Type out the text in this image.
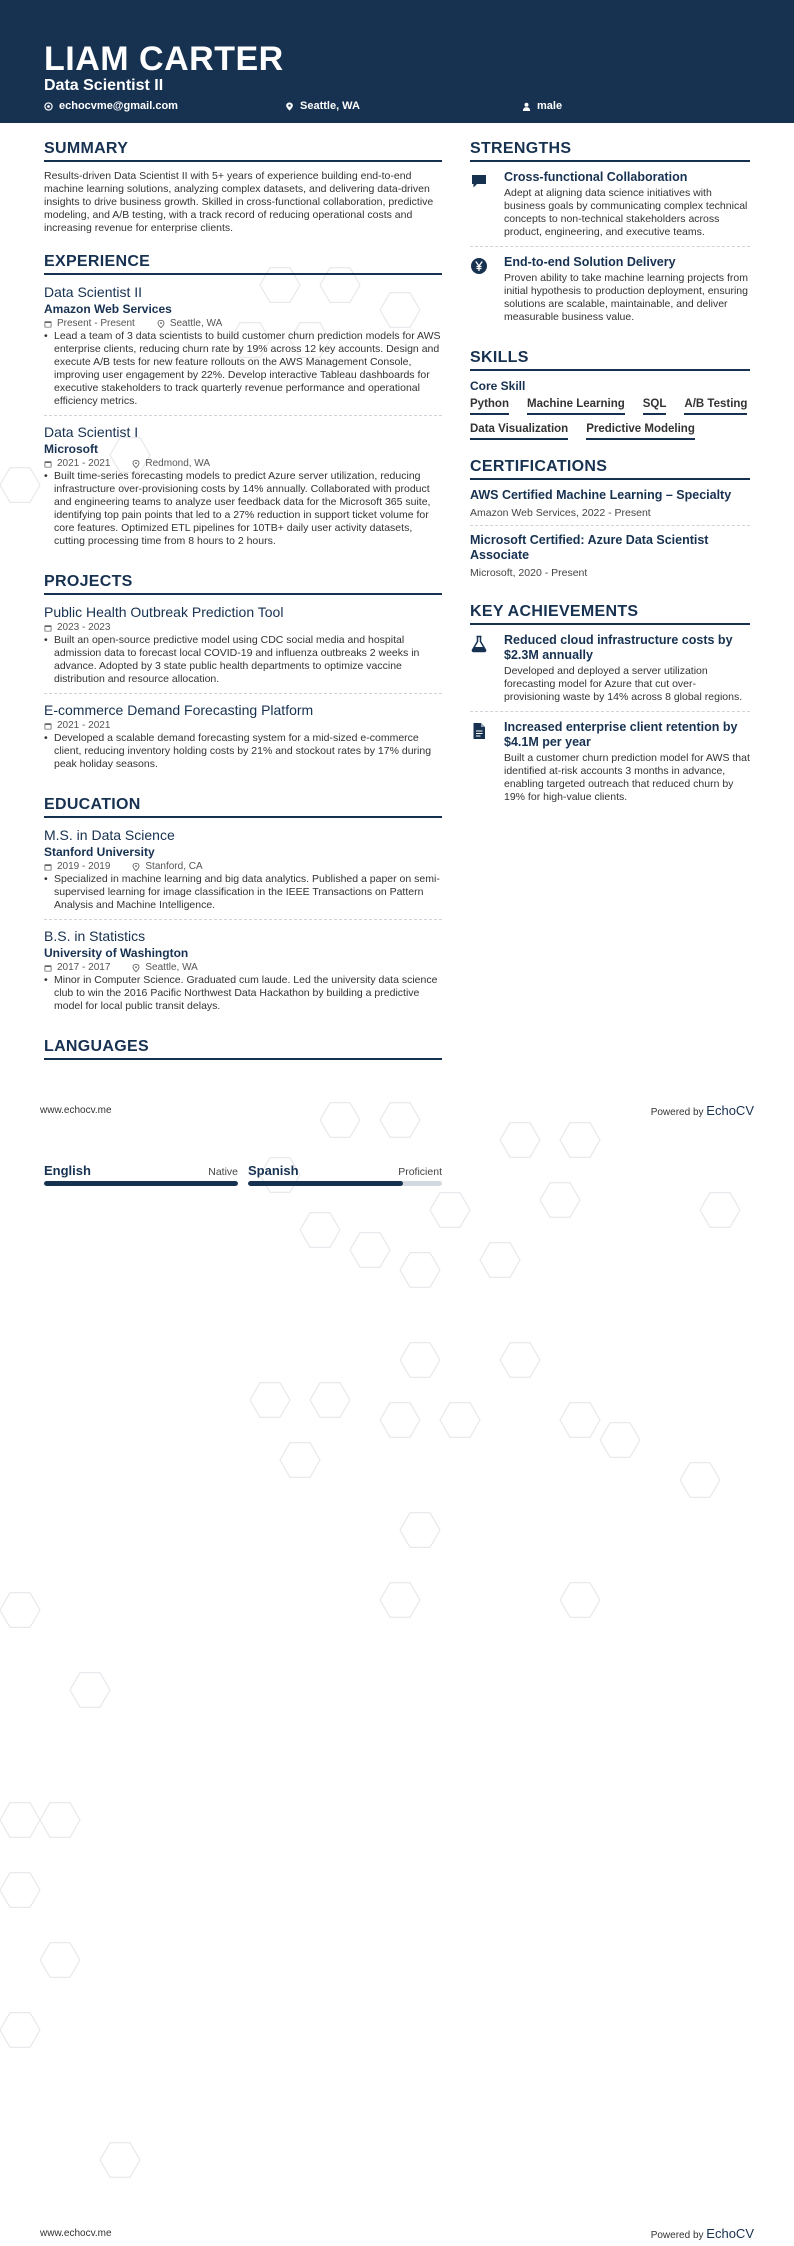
LIAM CARTER
Data Scientist II
echocvme@gmail.com	Seattle, WA	male
SUMMARY
Results-driven Data Scientist II with 5+ years of experience building end-to-end machine learning solutions, analyzing complex datasets, and delivering data-driven insights to drive business growth. Skilled in cross-functional collaboration, predictive modeling, and A/B testing, with a track record of reducing operational costs and increasing revenue for enterprise clients.
EXPERIENCE
Data Scientist II
Amazon Web Services
Present - Present	Seattle, WA
• Lead a team of 3 data scientists to build customer churn prediction models for AWS enterprise clients, reducing churn rate by 19% across 12 key accounts. Design and execute A/B tests for new feature rollouts on the AWS Management Console, improving user engagement by 22%. Develop interactive Tableau dashboards for executive stakeholders to track quarterly revenue performance and operational efficiency metrics.
Data Scientist I
Microsoft
2021 - 2021	Redmond, WA
• Built time-series forecasting models to predict Azure server utilization, reducing infrastructure over-provisioning costs by 14% annually. Collaborated with product and engineering teams to analyze user feedback data for the Microsoft 365 suite, identifying top pain points that led to a 27% reduction in support ticket volume for core features. Optimized ETL pipelines for 10TB+ daily user activity datasets, cutting processing time from 8 hours to 2 hours.
PROJECTS
Public Health Outbreak Prediction Tool
2023 - 2023
• Built an open-source predictive model using CDC social media and hospital admission data to forecast local COVID-19 and influenza outbreaks 2 weeks in advance. Adopted by 3 state public health departments to optimize vaccine distribution and resource allocation.
E-commerce Demand Forecasting Platform
2021 - 2021
• Developed a scalable demand forecasting system for a mid-sized e-commerce client, reducing inventory holding costs by 21% and stockout rates by 17% during peak holiday seasons.
EDUCATION
M.S. in Data Science
Stanford University
2019 - 2019	Stanford, CA
• Specialized in machine learning and big data analytics. Published a paper on semi-supervised learning for image classification in the IEEE Transactions on Pattern Analysis and Machine Intelligence.
B.S. in Statistics
University of Washington
2017 - 2017	Seattle, WA
• Minor in Computer Science. Graduated cum laude. Led the university data science club to win the 2016 Pacific Northwest Data Hackathon by building a predictive model for local public transit delays.
LANGUAGES
STRENGTHS
Cross-functional Collaboration
Adept at aligning data science initiatives with business goals by communicating complex technical concepts to non-technical stakeholders across product, engineering, and executive teams.
End-to-end Solution Delivery
Proven ability to take machine learning projects from initial hypothesis to production deployment, ensuring solutions are scalable, maintainable, and deliver measurable business value.
SKILLS
Core Skill
Python Machine Learning SQL A/B Testing
Data Visualization Predictive Modeling
CERTIFICATIONS
AWS Certified Machine Learning – Specialty
Amazon Web Services, 2022 - Present
Microsoft Certified: Azure Data Scientist Associate
Microsoft, 2020 - Present
KEY ACHIEVEMENTS
Reduced cloud infrastructure costs by $2.3M annually
Developed and deployed a server utilization forecasting model for Azure that cut over-provisioning waste by 14% across 8 global regions.
Increased enterprise client retention by $4.1M per year
Built a customer churn prediction model for AWS that identified at-risk accounts 3 months in advance, enabling targeted outreach that reduced churn by 19% for high-value clients.
www.echocv.me	Powered by EchoCV
English	Native Spanish	Proficient
www.echocv.me	Powered by EchoCV
